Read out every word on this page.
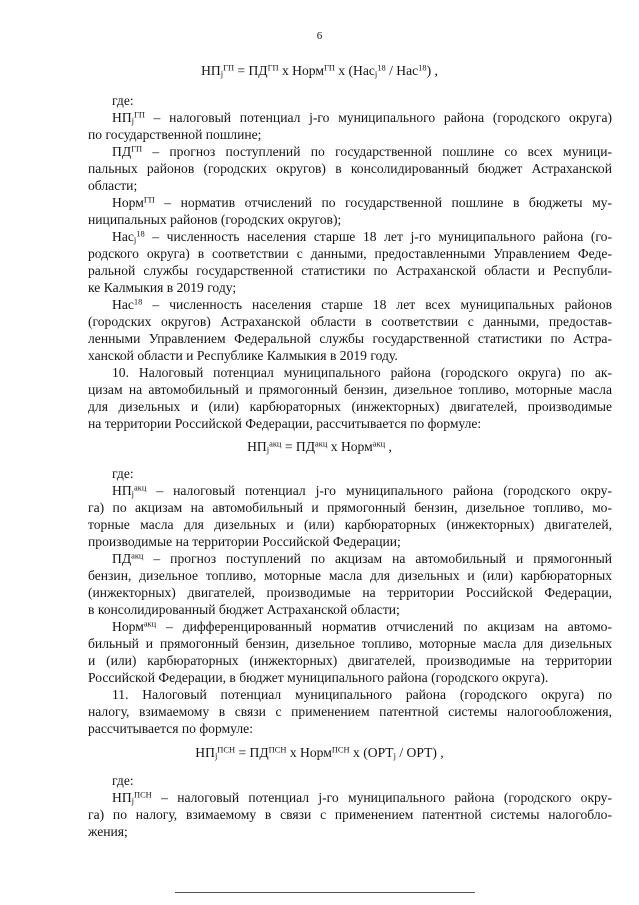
6
$НП_j^{ГП} = ПД^{ГП}$ х Норм$^{ГП}$ х (Нас$_j^{18}$ / Нас$^{18}$) ,
где:
$НП_j^{ГП}$ – налоговый потенциал j-го муниципального района (городского округа)
по государственной пошлине;
$ПД^{ГП}$ – прогноз поступлений по государственной пошлине со всех муници-
пальных районов (городских округов) в консолидированный бюджет Астраханской
области;
Норм$^{ГП}$ – норматив отчислений по государственной пошлине в бюджеты му-
ниципальных районов (городских округов);
Нас$_j^{18}$ – численность населения старше 18 лет j-го муниципального района (го-
родского округа) в соответствии с данными, предоставленными Управлением Феде-
ральной службы государственной статистики по Астраханской области и Республи-
ке Калмыкия в 2019 году;
Нас$^{18}$ – численность населения старше 18 лет всех муниципальных районов
(городских округов) Астраханской области в соответствии с данными, предостав-
ленными Управлением Федеральной службы государственной статистики по Астра-
ханской области и Республике Калмыкия в 2019 году.
10. Налоговый потенциал муниципального района (городского округа) по ак-
цизам на автомобильный и прямогонный бензин, дизельное топливо, моторные масла
для дизельных и (или) карбюраторных (инжекторных) двигателей, производимые
на территории Российской Федерации, рассчитывается по формуле:
$НП_j^{акц} = ПД^{акц}$ х Норм$^{акц}$ ,
где:
$НП_j^{акц}$ – налоговый потенциал j-го муниципального района (городского окру-
га) по акцизам на автомобильный и прямогонный бензин, дизельное топливо, мо-
торные масла для дизельных и (или) карбюраторных (инжекторных) двигателей,
производимые на территории Российской Федерации;
$ПД^{акц}$ – прогноз поступлений по акцизам на автомобильный и прямогонный
бензин, дизельное топливо, моторные масла для дизельных и (или) карбюраторных
(инжекторных) двигателей, производимые на территории Российской Федерации,
в консолидированный бюджет Астраханской области;
Норм$^{акц}$ – дифференцированный норматив отчислений по акцизам на автомо-
бильный и прямогонный бензин, дизельное топливо, моторные масла для дизельных
и (или) карбюраторных (инжекторных) двигателей, производимые на территории
Российской Федерации, в бюджет муниципального района (городского округа).
11. Налоговый потенциал муниципального района (городского округа) по
налогу, взимаемому в связи с применением патентной системы налогообложения,
рассчитывается по формуле:
$НП_j^{ПСН} = ПД^{ПСН}$ х Норм$^{ПСН}$ х $(ОРТ_j / ОРТ)$ ,
где:
$НП_j^{ПСН}$ – налоговый потенциал j-го муниципального района (городского окру-
га) по налогу, взимаемому в связи с применением патентной системы налогобло-
жения;
